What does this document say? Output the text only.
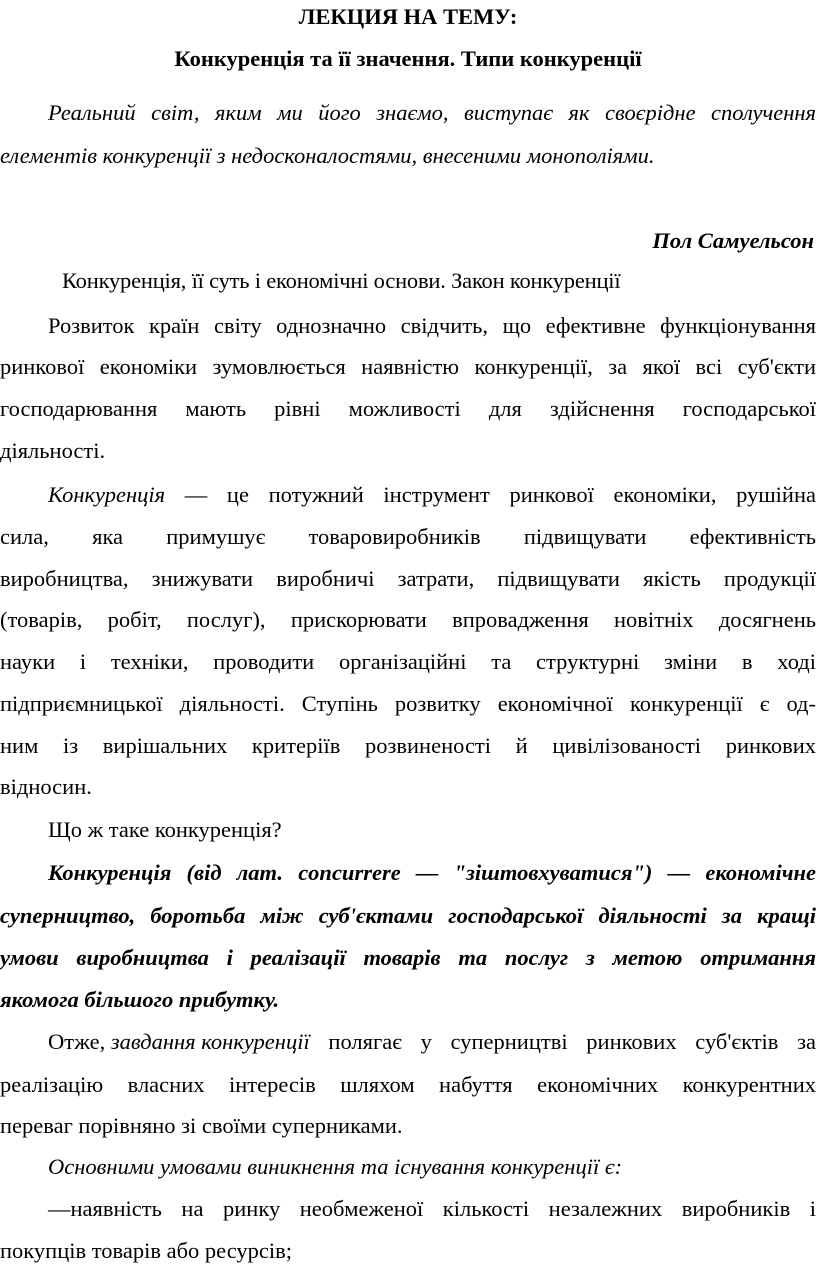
ЛЕКЦИЯ НА ТЕМУ:
Конкуренція та її значення. Типи конкуренції
Реальний світ, яким ми його знаємо, виступає як своєрідне сполучення
елементів конкуренції з недосконалостями, внесеними монополіями.
Пол Самуельсон
Конкуренція, її суть і економічні основи. Закон конкуренції
Розвиток країн світу однозначно свідчить, що ефективне функціонування
ринкової економіки зумовлюється наявністю конкуренції, за якої всі суб'єкти
господарювання мають рівні можливості для здійснення господарської
діяльності.
Конкуренція — це потужний інструмент ринкової економіки, рушійна
сила, яка примушує товаровиробників підвищувати ефективність
виробництва, знижувати виробничі затрати, підвищувати якість продукції
(товарів, робіт, послуг), прискорювати впровадження новітніх досягнень
науки і техніки, проводити організаційні та структурні зміни в ході
підприємницької діяльності. Ступінь розвитку економічної конкуренції є од-
ним із вирішальних критеріїв розвиненості й цивілізованості ринкових
відносин.
Що ж таке конкуренція?
Конкуренція (від лат. concurrere — "зіштовхуватися") — економічне
суперництво, боротьба між суб'єктами господарської діяльності за кращі
умови виробництва і реалізації товарів та послуг з метою отримання
якомога більшого прибутку.
Отже, завдання конкуренції полягає у суперництві ринкових суб'єктів за
реалізацію власних інтересів шляхом набуття економічних конкурентних
переваг порівняно зі своїми суперниками.
Основними умовами виникнення та існування конкуренції є:
—наявність на ринку необмеженої кількості незалежних виробників і
покупців товарів або ресурсів;
